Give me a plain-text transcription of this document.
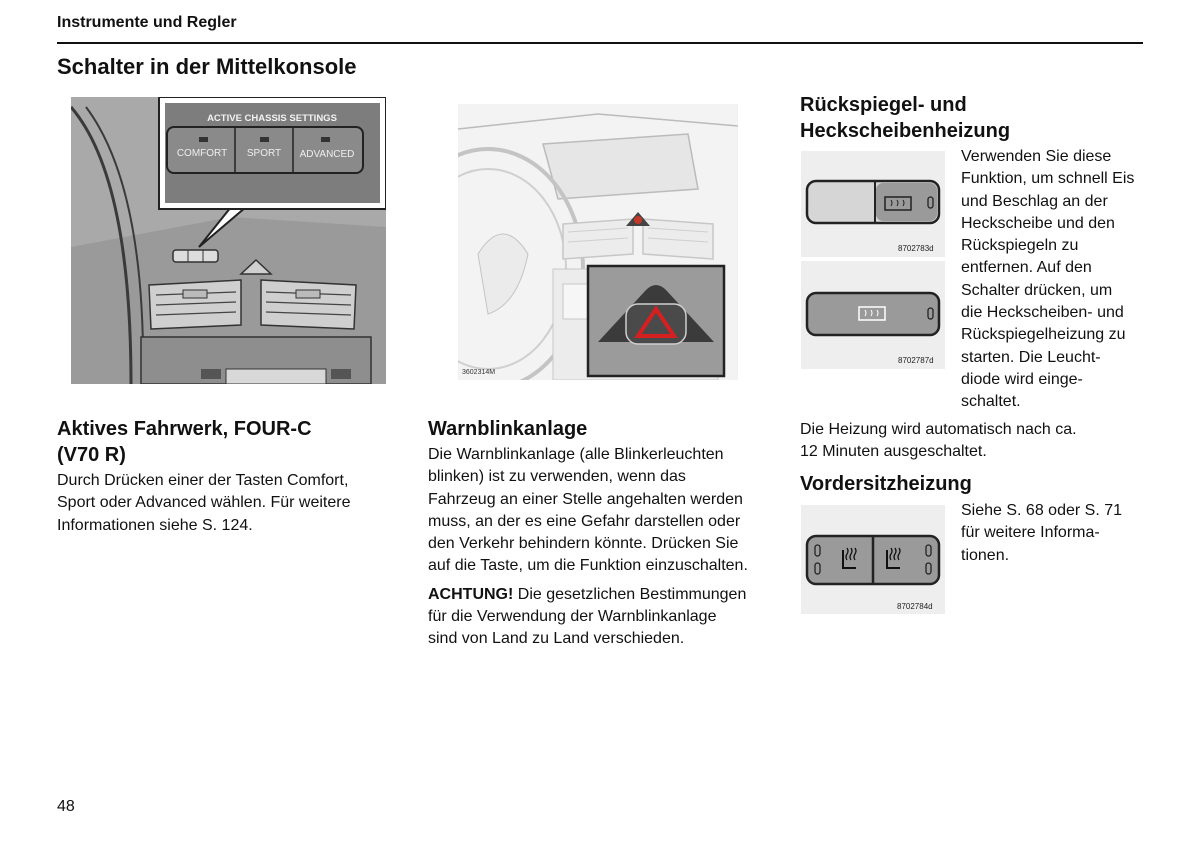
Instrumente und Regler
Schalter in der Mittelkonsole
ACTIVE CHASSIS SETTINGS
COMFORT SPORT ADVANCED
Aktives Fahrwerk, FOUR-C
(V70 R)

Durch Drücken einer der Tasten Comfort,
Sport oder Advanced wählen. Für weitere
Informationen siehe S. 124.

3602314M
Warnblinkanlage

Die Warnblinkanlage (alle Blinkerleuchten
blinken) ist zu verwenden, wenn das
Fahrzeug an einer Stelle angehalten werden
muss, an der es eine Gefahr darstellen oder
den Verkehr behindern könnte. Drücken Sie
auf die Taste, um die Funktion einzuschalten.

ACHTUNG! Die gesetzlichen Bestimmungen
für die Verwendung der Warnblinkanlage
sind von Land zu Land verschieden.

Rückspiegel- und
Heckscheibenheizung
8702783d
8702787d

Verwenden Sie diese
Funktion, um schnell Eis
und Beschlag an der
Heckscheibe und den
Rückspiegeln zu
entfernen. Auf den
Schalter drücken, um
die Heckscheiben- und
Rückspiegelheizung zu
starten. Die Leucht-
diode wird einge-
schaltet.

Die Heizung wird automatisch nach ca.
12 Minuten ausgeschaltet.

Vordersitzheizung
8702784d

Siehe S. 68 oder S. 71
für weitere Informa-
tionen.

48
